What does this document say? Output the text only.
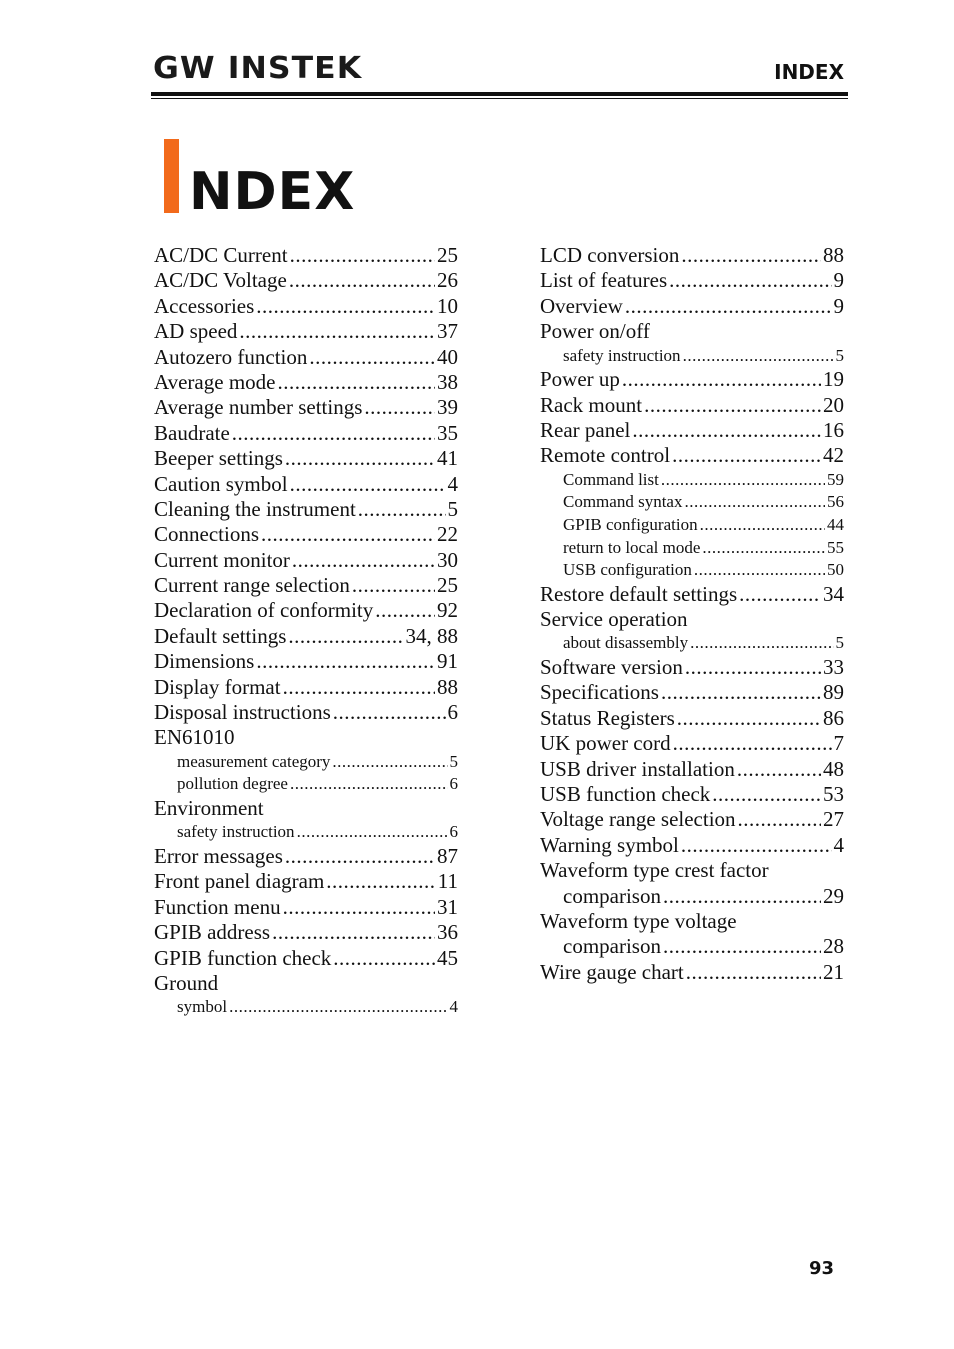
GW INSTEK	INDEX
NDEX
AC/DC Current .....	25
AC/DC Voltage .....	26
Accessories .....	10
AD speed .....	37
Autozero function .....	40
Average mode .....	38
Average number settings .....	39
Baudrate .....	35
Beeper settings .....	41
Caution symbol .....	4
Cleaning the instrument .....	5
Connections .....	22
Current monitor .....	30
Current range selection .....	25
Declaration of conformity .....	92
Default settings .....	34, 88
Dimensions .....	91
Display format .....	88
Disposal instructions .....	6
EN61010
measurement category .....	5
pollution degree .....	6
Environment
safety instruction .....	6
Error messages .....	87
Front panel diagram .....	11
Function menu .....	31
GPIB address .....	36
GPIB function check .....	45
Ground
symbol .....	4
LCD conversion .....	88
List of features .....	9
Overview .....	9
Power on/off
safety instruction .....	5
Power up .....	19
Rack mount .....	20
Rear panel .....	16
Remote control .....	42
Command list .....	59
Command syntax .....	56
GPIB configuration .....	44
return to local mode .....	55
USB configuration .....	50
Restore default settings .....	34
Service operation
about disassembly .....	5
Software version .....	33
Specifications .....	89
Status Registers .....	86
UK power cord .....	7
USB driver installation .....	48
USB function check .....	53
Voltage range selection .....	27
Warning symbol .....	4
Waveform type crest factor
comparison .....	29
Waveform type voltage
comparison .....	28
Wire gauge chart .....	21
93
